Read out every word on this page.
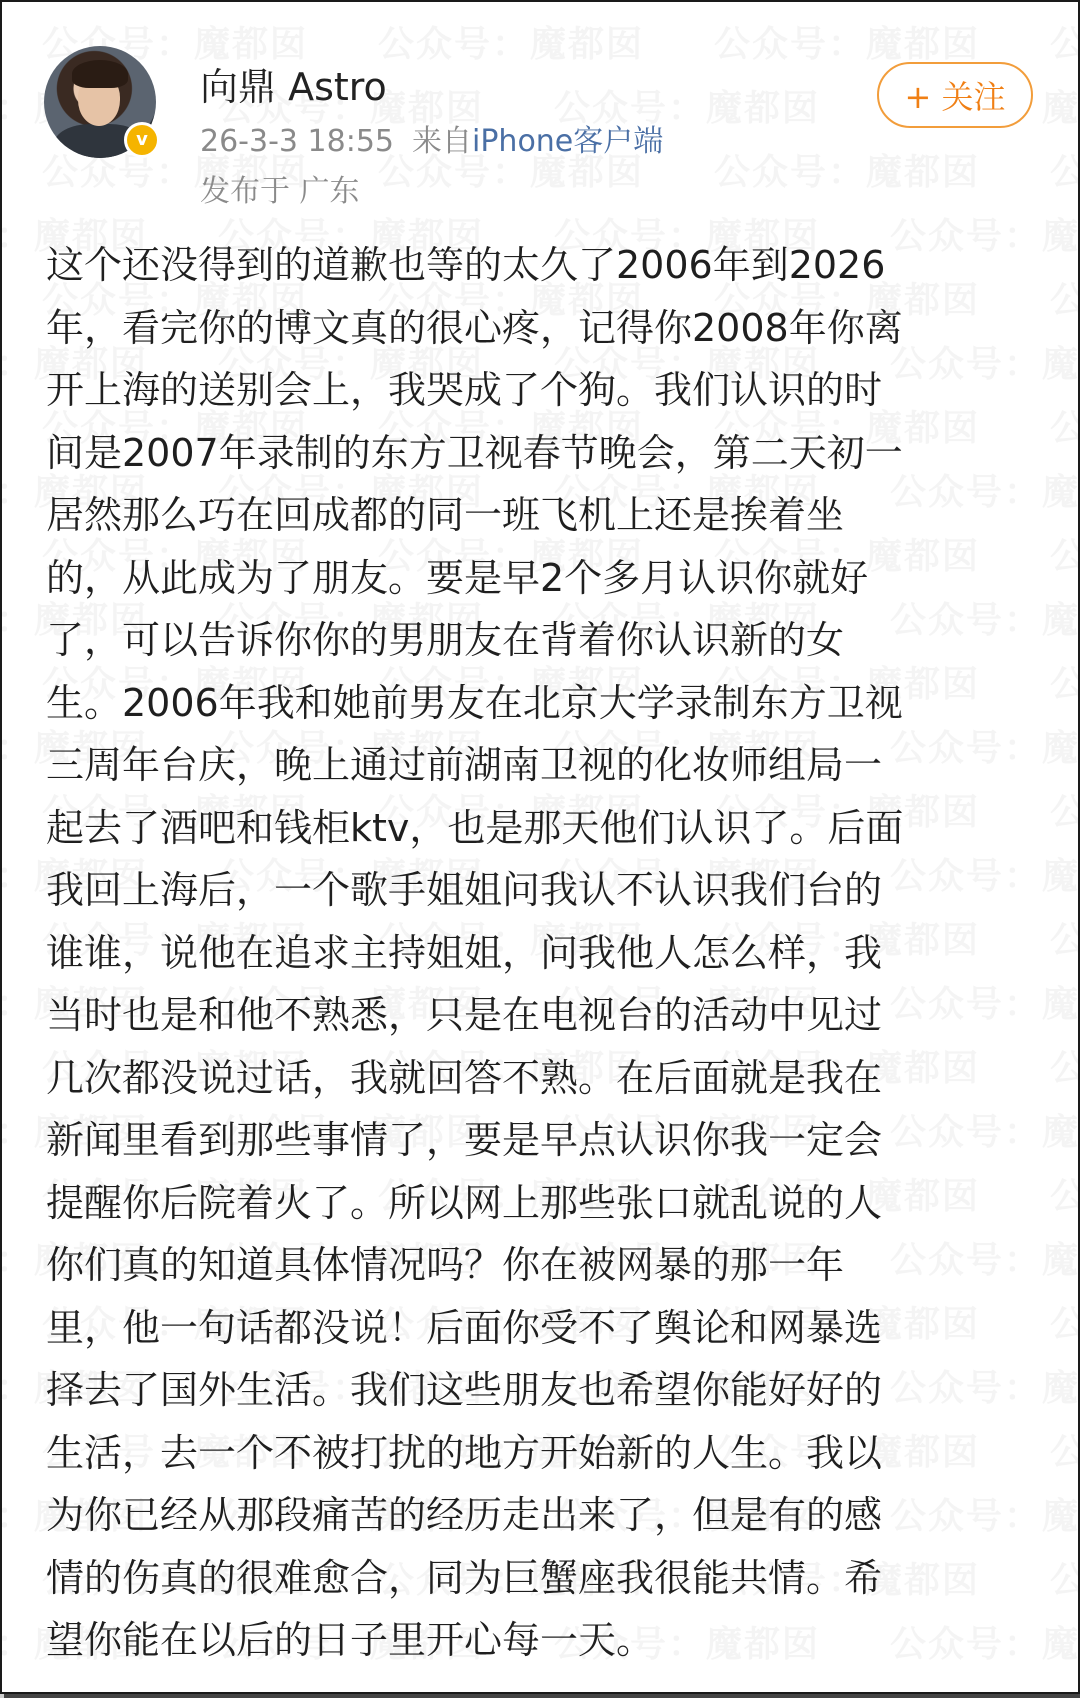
v
向鼎 Astro
26-3-3 18:55 来自iPhone客户端
发布于 广东
+ 关注
这个还没得到的道歉也等的太久了2006年到2026
年，看完你的博文真的很心疼，记得你2008年你离
开上海的送别会上，我哭成了个狗。我们认识的时
间是2007年录制的东方卫视春节晚会，第二天初一
居然那么巧在回成都的同一班飞机上还是挨着坐
的，从此成为了朋友。要是早2个多月认识你就好
了，可以告诉你你的男朋友在背着你认识新的女
生。2006年我和她前男友在北京大学录制东方卫视
三周年台庆，晚上通过前湖南卫视的化妆师组局一
起去了酒吧和钱柜ktv，也是那天他们认识了。后面
我回上海后，一个歌手姐姐问我认不认识我们台的
谁谁，说他在追求主持姐姐，问我他人怎么样，我
当时也是和他不熟悉，只是在电视台的活动中见过
几次都没说过话，我就回答不熟。在后面就是我在
新闻里看到那些事情了，要是早点认识你我一定会
提醒你后院着火了。所以网上那些张口就乱说的人
你们真的知道具体情况吗？你在被网暴的那一年
里，他一句话都没说！后面你受不了舆论和网暴选
择去了国外生活。我们这些朋友也希望你能好好的
生活，去一个不被打扰的地方开始新的人生。我以
为你已经从那段痛苦的经历走出来了，但是有的感
情的伤真的很难愈合，同为巨蟹座我很能共情。希
望你能在以后的日子里开心每一天。
